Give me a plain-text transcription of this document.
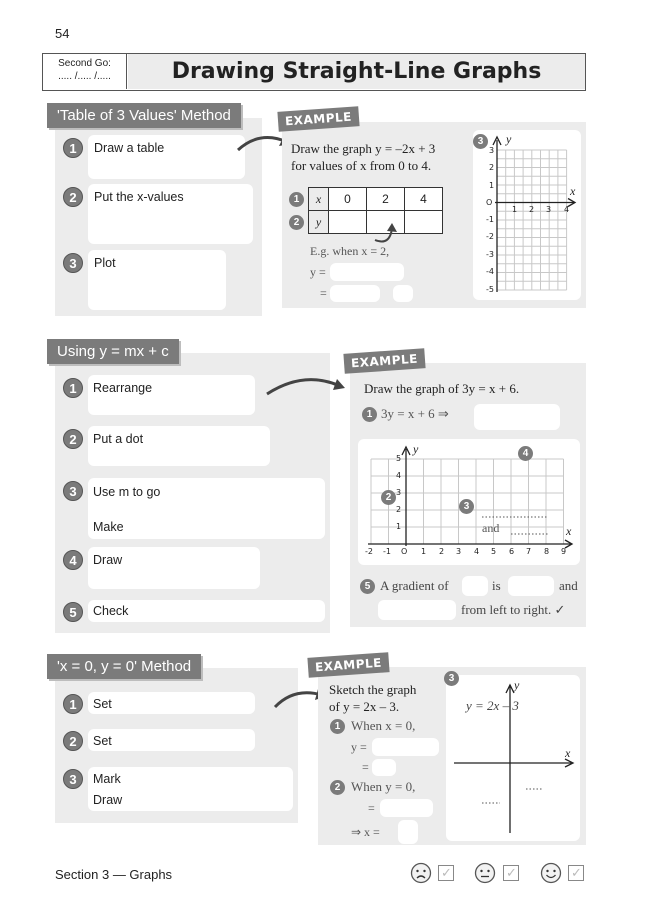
54
Second Go:
..... /..... /.....	Drawing Straight-Line Graphs
'Table of 3 Values' Method
1	Draw a table
2	Put the x-values
3	Plot
EXAMPLE
Draw the graph y = –2x + 3
for values of x from 0 to 4.
1
2
x	0	2	4
y			
E.g. when x = 2,
y =
=
3	y
x
O
3
2
1
-1
-2
-3
-4
-5
1 2 3 4
Using y = mx + c
1	Rearrange
2	Put a dot
3	Use m to go
Make
4	Draw
5	Check
EXAMPLE
Draw the graph of 3y = x + 6.
1 3y = x + 6 ⇒
y
x
5
4
3
2
1
-2 -1 O 1 2 3 4 5 6 7 8 9
2
3
4
and
5 A gradient of	is	and
from left to right. ✓
'x = 0, y = 0' Method
1	Set
2	Set
3	Mark
Draw
EXAMPLE
Sketch the graph
of y = 2x – 3.
1 When x = 0,
y =
=
2 When y = 0,
=
⇒ x =
3	y
x
y = 2x – 3
Section 3 — Graphs	✓	✓	✓
